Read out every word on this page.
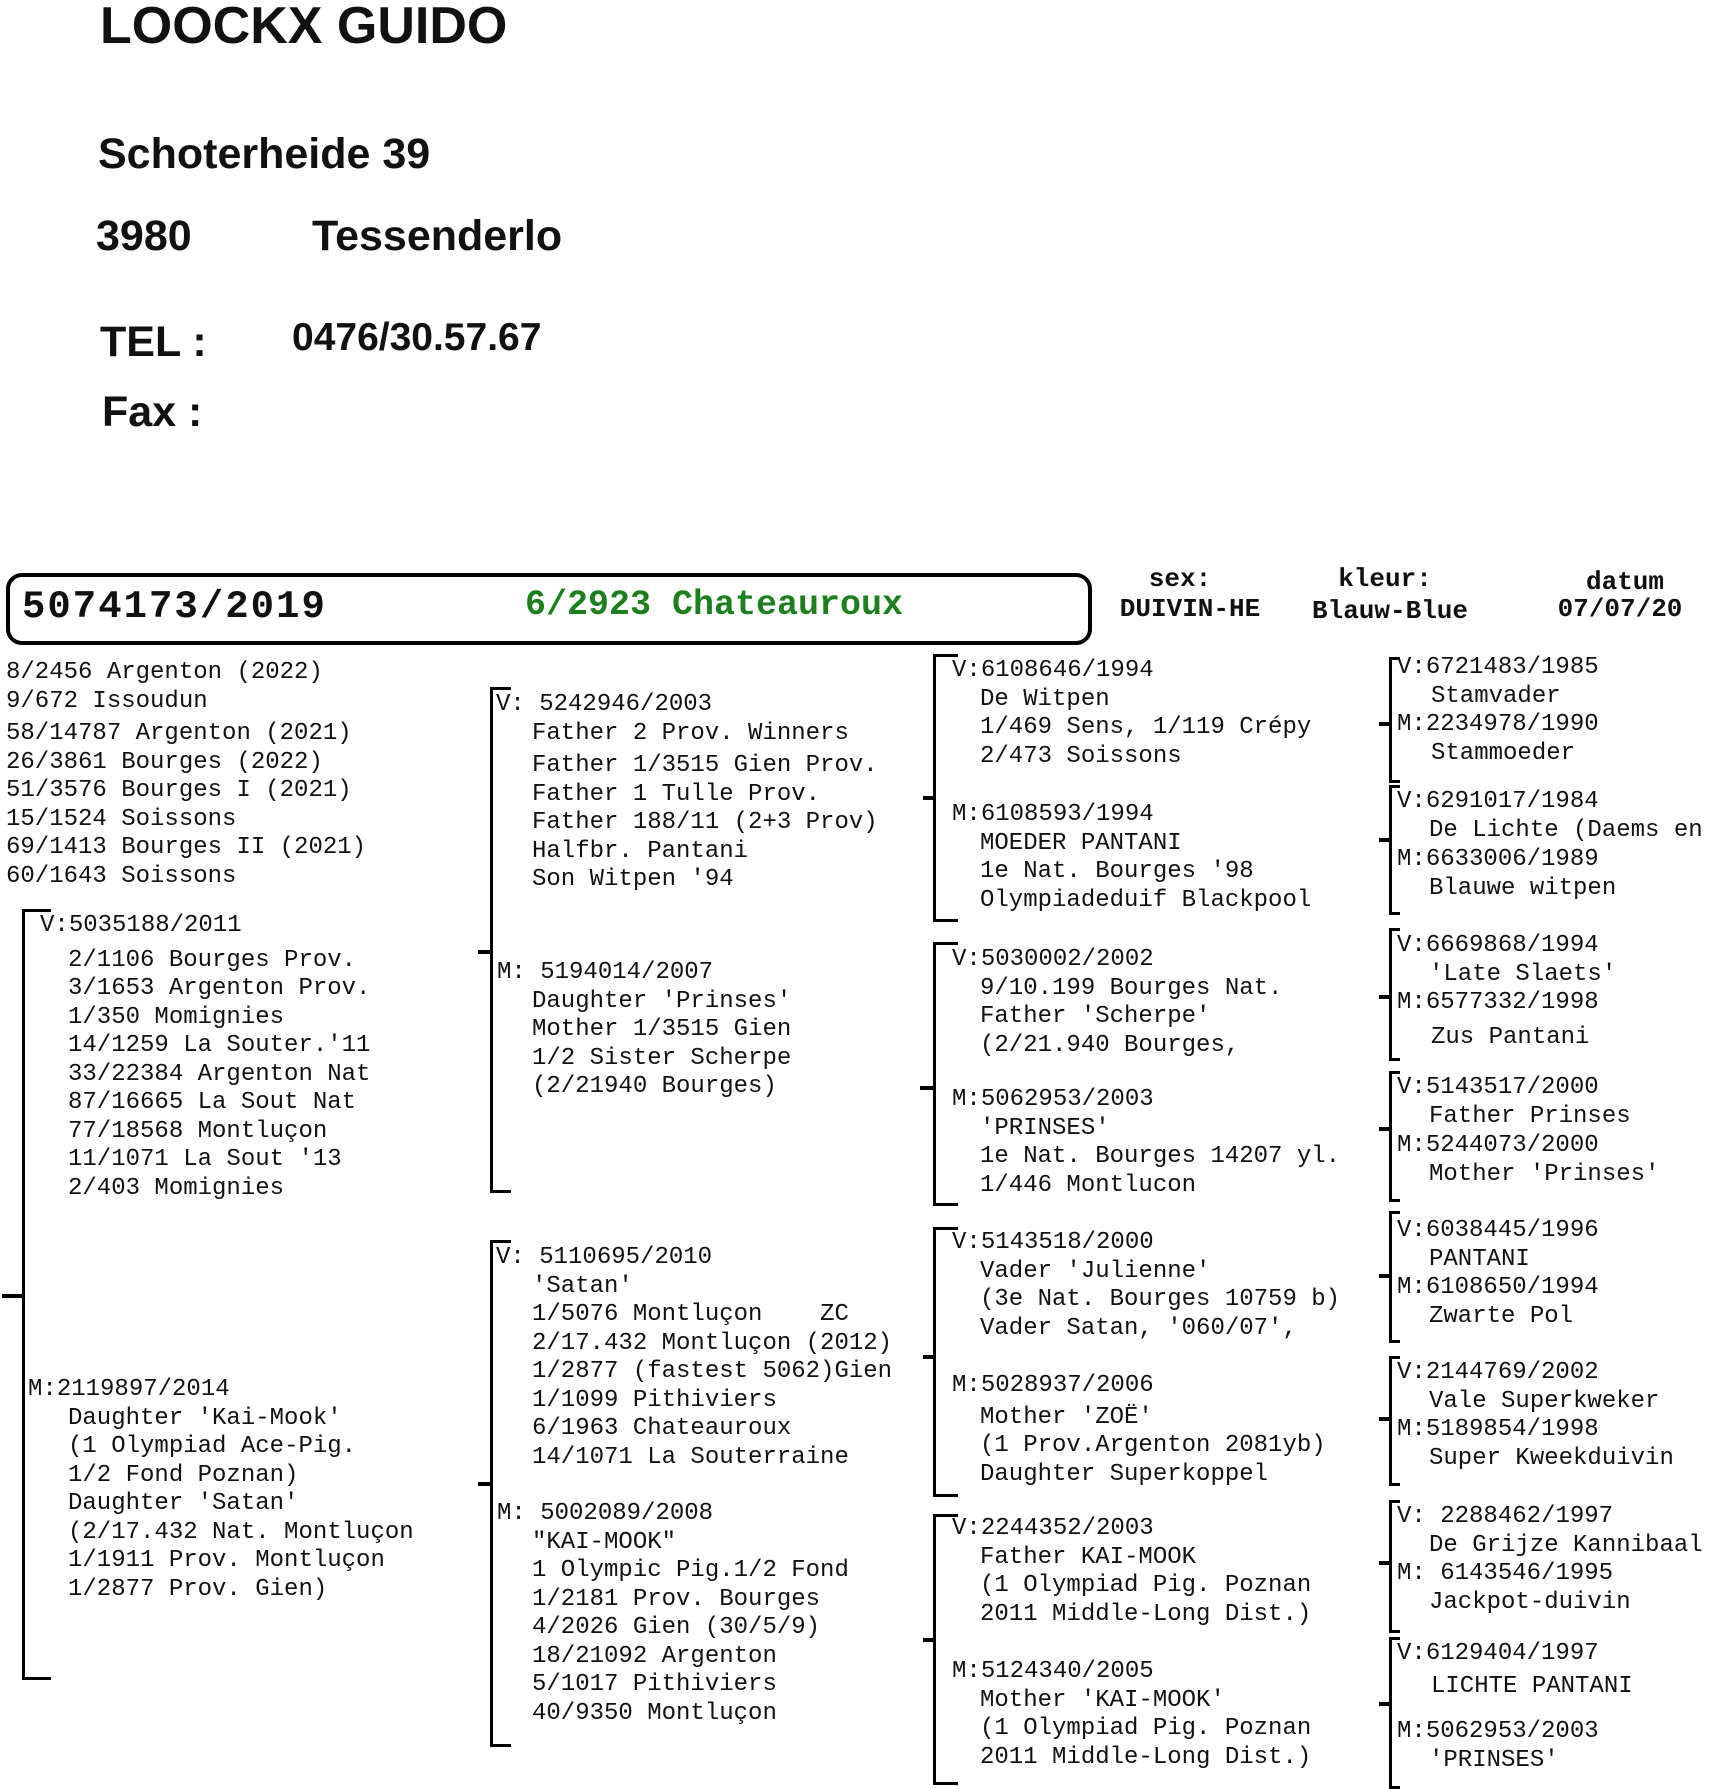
LOOCKX GUIDO
Schoterheide 39
3980	Tessenderlo
TEL : 0476/30.57.67
Fax :
5074173/2019	6/2923 Chateauroux
sex:
DUIVIN-HE
kleur:
Blauw-Blue
datum
07/07/20
8/2456 Argenton (2022)
9/672 Issoudun
58/14787 Argenton (2021)
26/3861 Bourges (2022)
51/3576 Bourges I (2021)
15/1524 Soissons
69/1413 Bourges II (2021)
60/1643 Soissons
V:5035188/2011
2/1106 Bourges Prov.
3/1653 Argenton Prov.
1/350 Momignies
14/1259 La Souter.'11
33/22384 Argenton Nat
87/16665 La Sout Nat
77/18568 Montluçon
11/1071 La Sout '13
2/403 Momignies
M:2119897/2014
Daughter 'Kai-Mook'
(1 Olympiad Ace-Pig.
1/2 Fond Poznan)
Daughter 'Satan'
(2/17.432 Nat. Montluçon
1/1911 Prov. Montluçon
1/2877 Prov. Gien)
V: 5242946/2003
Father 2 Prov. Winners
Father 1/3515 Gien Prov.
Father 1 Tulle Prov.
Father 188/11 (2+3 Prov)
Halfbr. Pantani
Son Witpen '94
M: 5194014/2007
Daughter 'Prinses'
Mother 1/3515 Gien
1/2 Sister Scherpe
(2/21940 Bourges)
V: 5110695/2010
'Satan'
1/5076 Montluçon    ZC
2/17.432 Montluçon (2012)
1/2877 (fastest 5062)Gien
1/1099 Pithiviers
6/1963 Chateauroux
14/1071 La Souterraine
M: 5002089/2008
"KAI-MOOK"
1 Olympic Pig.1/2 Fond
1/2181 Prov. Bourges
4/2026 Gien (30/5/9)
18/21092 Argenton
5/1017 Pithiviers
40/9350 Montluçon
V:6108646/1994
De Witpen
1/469 Sens, 1/119 Crépy
2/473 Soissons
M:6108593/1994
MOEDER PANTANI
1e Nat. Bourges '98
Olympiadeduif Blackpool
V:5030002/2002
9/10.199 Bourges Nat.
Father 'Scherpe'
(2/21.940 Bourges,
M:5062953/2003
'PRINSES'
1e Nat. Bourges 14207 yl.
1/446 Montlucon
V:5143518/2000
Vader 'Julienne'
(3e Nat. Bourges 10759 b)
Vader Satan, '060/07',
M:5028937/2006
Mother 'ZOË'
(1 Prov.Argenton 2081yb)
Daughter Superkoppel
V:2244352/2003
Father KAI-MOOK
(1 Olympiad Pig. Poznan
2011 Middle-Long Dist.)
M:5124340/2005
Mother 'KAI-MOOK'
(1 Olympiad Pig. Poznan
2011 Middle-Long Dist.)
V:6721483/1985
Stamvader
M:2234978/1990
Stammoeder
V:6291017/1984
De Lichte (Daems en
M:6633006/1989
Blauwe witpen
V:6669868/1994
'Late Slaets'
M:6577332/1998
Zus Pantani
V:5143517/2000
Father Prinses
M:5244073/2000
Mother 'Prinses'
V:6038445/1996
PANTANI
M:6108650/1994
Zwarte Pol
V:2144769/2002
Vale Superkweker
M:5189854/1998
Super Kweekduivin
V: 2288462/1997
De Grijze Kannibaal
M: 6143546/1995
Jackpot-duivin
V:6129404/1997
LICHTE PANTANI
M:5062953/2003
'PRINSES'
